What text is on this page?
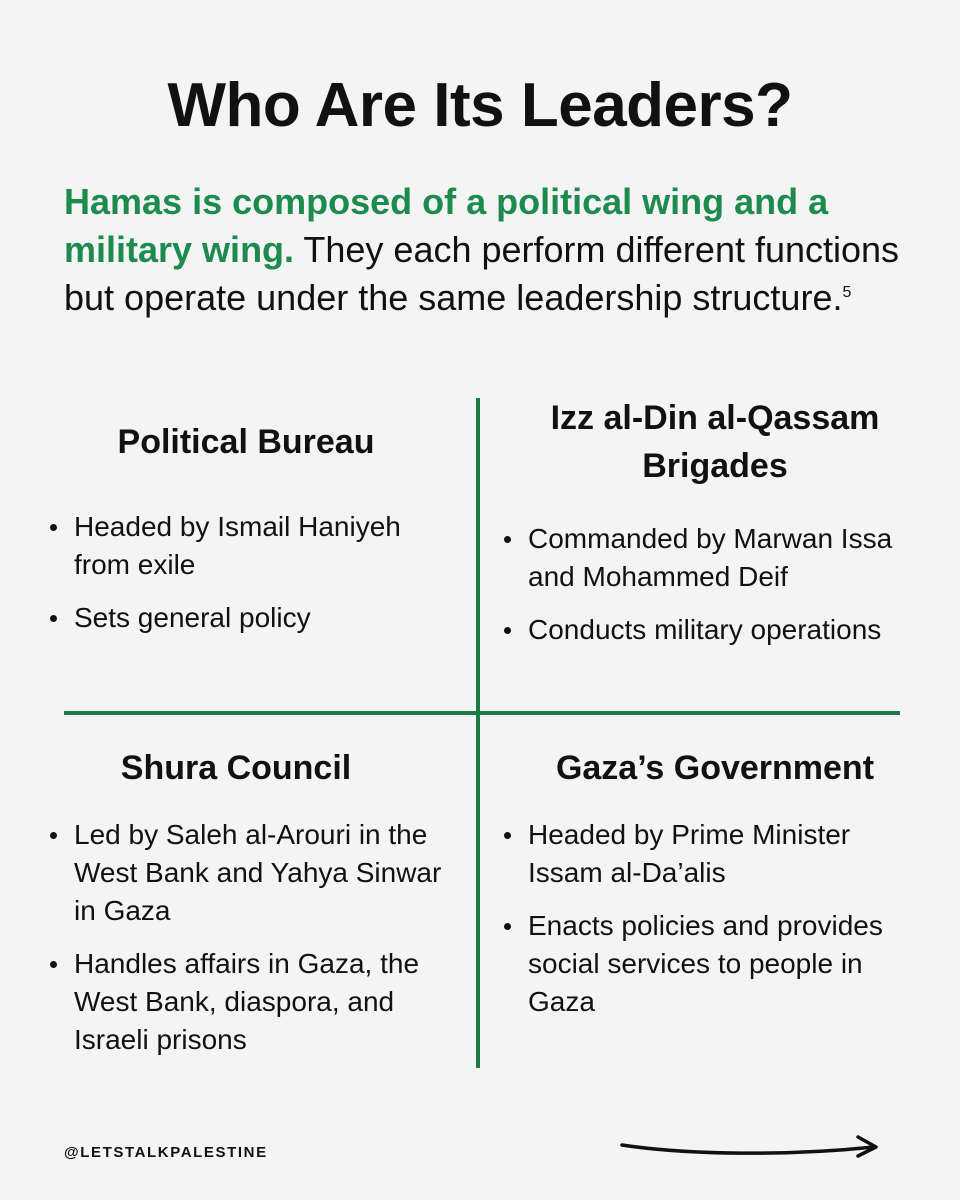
Who Are Its Leaders?

Hamas is composed of a political wing and a military wing. They each perform different functions but operate under the same leadership structure.$^5$

Political Bureau
Headed by Ismail Haniyeh from exile
Sets general policy
Izz al-Din al-Qassam Brigades
Commanded by Marwan Issa and Mohammed Deif
Conducts military operations
Shura Council
Led by Saleh al-Arouri in the West Bank and Yahya Sinwar in Gaza
Handles affairs in Gaza, the West Bank, diaspora, and Israeli prisons
Gaza’s Government
Headed by Prime Minister Issam al-Da’alis
Enacts policies and provides social services to people in Gaza

@LETSTALKPALESTINE
